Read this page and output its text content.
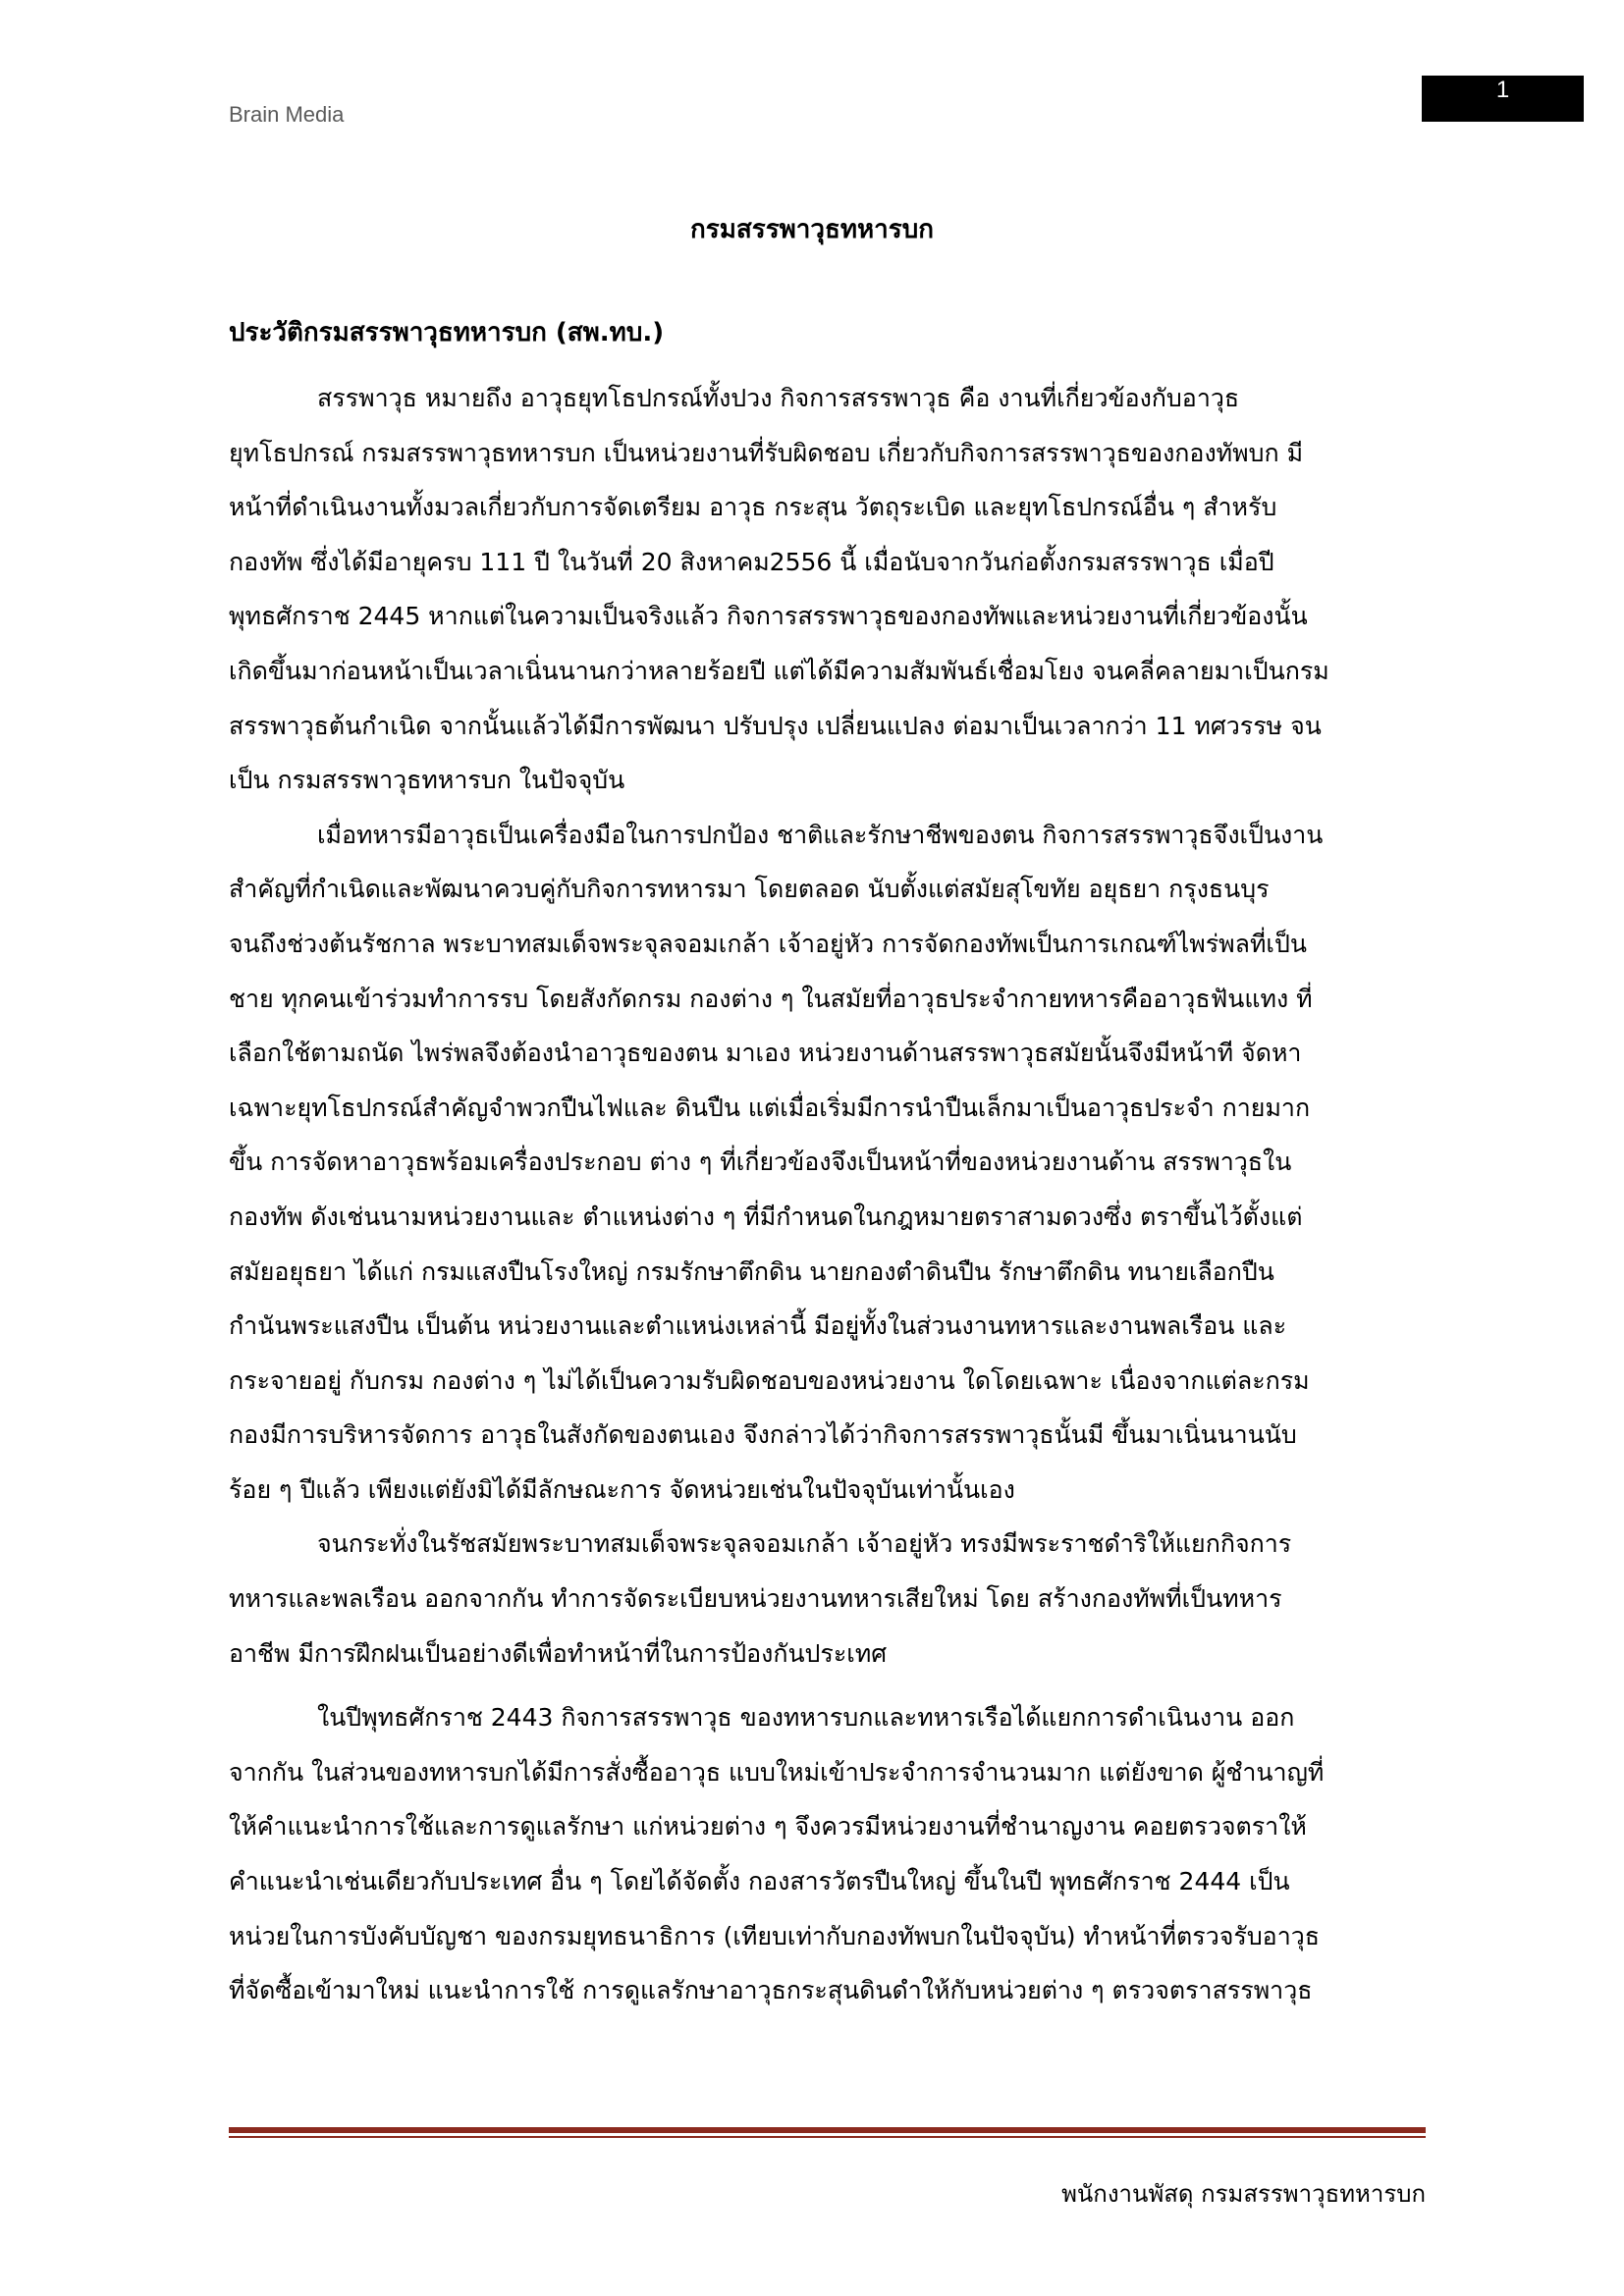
Brain Media
1
กรมสรรพาวุธทหารบก
ประวัติกรมสรรพาวุธทหารบก (สพ.ทบ.)
สรรพาวุธ หมายถึง อาวุธยุทโธปกรณ์ทั้งปวง กิจการสรรพาวุธ คือ งานที่เกี่ยวข้องกับอาวุธ
ยุทโธปกรณ์ กรมสรรพาวุธทหารบก เป็นหน่วยงานที่รับผิดชอบ เกี่ยวกับกิจการสรรพาวุธของกองทัพบก มี
หน้าที่ดำเนินงานทั้งมวลเกี่ยวกับการจัดเตรียม อาวุธ กระสุน วัตถุระเบิด และยุทโธปกรณ์อื่น ๆ สำหรับ
กองทัพ ซึ่งได้มีอายุครบ 111 ปี ในวันที่ 20 สิงหาคม2556 นี้ เมื่อนับจากวันก่อตั้งกรมสรรพาวุธ เมื่อปี
พุทธศักราช 2445 หากแต่ในความเป็นจริงแล้ว กิจการสรรพาวุธของกองทัพและหน่วยงานที่เกี่ยวข้องนั้น
เกิดขึ้นมาก่อนหน้าเป็นเวลาเนิ่นนานกว่าหลายร้อยปี แต่ได้มีความสัมพันธ์เชื่อมโยง จนคลี่คลายมาเป็นกรม
สรรพาวุธต้นกำเนิด จากนั้นแล้วได้มีการพัฒนา ปรับปรุง เปลี่ยนแปลง ต่อมาเป็นเวลากว่า 11 ทศวรรษ จน
เป็น กรมสรรพาวุธทหารบก ในปัจจุบัน
เมื่อทหารมีอาวุธเป็นเครื่องมือในการปกป้อง ชาติและรักษาชีพของตน กิจการสรรพาวุธจึงเป็นงาน
สำคัญที่กำเนิดและพัฒนาควบคู่กับกิจการทหารมา โดยตลอด นับตั้งแต่สมัยสุโขทัย อยุธยา กรุงธนบุร
จนถึงช่วงต้นรัชกาล พระบาทสมเด็จพระจุลจอมเกล้า เจ้าอยู่หัว การจัดกองทัพเป็นการเกณฑ์ไพร่พลที่เป็น
ชาย ทุกคนเข้าร่วมทำการรบ โดยสังกัดกรม กองต่าง ๆ ในสมัยที่อาวุธประจำกายทหารคืออาวุธฟันแทง ที่
เลือกใช้ตามถนัด ไพร่พลจึงต้องนำอาวุธของตน มาเอง หน่วยงานด้านสรรพาวุธสมัยนั้นจึงมีหน้าที จัดหา
เฉพาะยุทโธปกรณ์สำคัญจำพวกปืนไฟและ ดินปืน แต่เมื่อเริ่มมีการนำปืนเล็กมาเป็นอาวุธประจำ กายมาก
ขึ้น การจัดหาอาวุธพร้อมเครื่องประกอบ ต่าง ๆ ที่เกี่ยวข้องจึงเป็นหน้าที่ของหน่วยงานด้าน สรรพาวุธใน
กองทัพ ดังเช่นนามหน่วยงานและ ตำแหน่งต่าง ๆ ที่มีกำหนดในกฎหมายตราสามดวงซึ่ง ตราขึ้นไว้ตั้งแต่
สมัยอยุธยา ได้แก่ กรมแสงปืนโรงใหญ่ กรมรักษาตึกดิน นายกองตำดินปืน รักษาตึกดิน ทนายเลือกปืน
กำนันพระแสงปืน เป็นต้น หน่วยงานและตำแหน่งเหล่านี้ มีอยู่ทั้งในส่วนงานทหารและงานพลเรือน และ
กระจายอยู่ กับกรม กองต่าง ๆ ไม่ได้เป็นความรับผิดชอบของหน่วยงาน ใดโดยเฉพาะ เนื่องจากแต่ละกรม
กองมีการบริหารจัดการ อาวุธในสังกัดของตนเอง จึงกล่าวได้ว่ากิจการสรรพาวุธนั้นมี ขึ้นมาเนิ่นนานนับ
ร้อย ๆ ปีแล้ว เพียงแต่ยังมิได้มีลักษณะการ จัดหน่วยเช่นในปัจจุบันเท่านั้นเอง
จนกระทั่งในรัชสมัยพระบาทสมเด็จพระจุลจอมเกล้า เจ้าอยู่หัว ทรงมีพระราชดำริให้แยกกิจการ
ทหารและพลเรือน ออกจากกัน ทำการจัดระเบียบหน่วยงานทหารเสียใหม่ โดย สร้างกองทัพที่เป็นทหาร
อาชีพ มีการฝึกฝนเป็นอย่างดีเพื่อทำหน้าที่ในการป้องกันประเทศ
ในปีพุทธศักราช 2443 กิจการสรรพาวุธ ของทหารบกและทหารเรือได้แยกการดำเนินงาน ออก
จากกัน ในส่วนของทหารบกได้มีการสั่งซื้ออาวุธ แบบใหม่เข้าประจำการจำนวนมาก แต่ยังขาด ผู้ชำนาญที่
ให้คำแนะนำการใช้และการดูแลรักษา แก่หน่วยต่าง ๆ จึงควรมีหน่วยงานที่ชำนาญงาน คอยตรวจตราให้
คำแนะนำเช่นเดียวกับประเทศ อื่น ๆ โดยได้จัดตั้ง กองสารวัตรปืนใหญ่ ขึ้นในปี พุทธศักราช 2444 เป็น
หน่วยในการบังคับบัญชา ของกรมยุทธนาธิการ (เทียบเท่ากับกองทัพบกในปัจจุบัน) ทำหน้าที่ตรวจรับอาวุธ
ที่จัดซื้อเข้ามาใหม่ แนะนำการใช้ การดูแลรักษาอาวุธกระสุนดินดำให้กับหน่วยต่าง ๆ ตรวจตราสรรพาวุธ
พนักงานพัสดุ กรมสรรพาวุธทหารบก
